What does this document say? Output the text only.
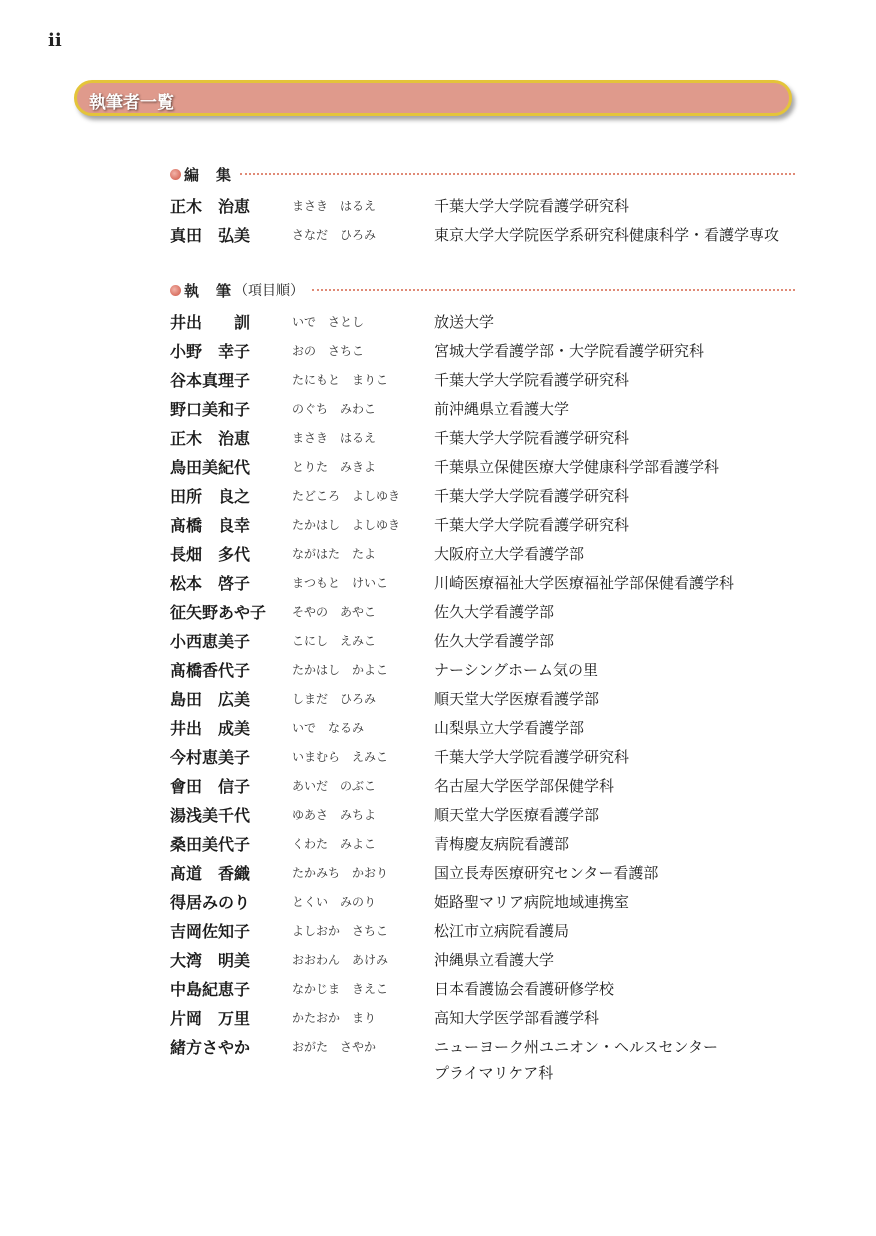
ii
執筆者一覧
編　集
正木　治恵	まさき　はるえ	千葉大学大学院看護学研究科
真田　弘美	さなだ　ひろみ	東京大学大学院医学系研究科健康科学・看護学専攻
執　筆 （項目順）
井出　　訓	いで　さとし	放送大学
小野　幸子	おの　さちこ	宮城大学看護学部・大学院看護学研究科
谷本真理子	たにもと　まりこ	千葉大学大学院看護学研究科
野口美和子	のぐち　みわこ	前沖縄県立看護大学
正木　治恵	まさき　はるえ	千葉大学大学院看護学研究科
鳥田美紀代	とりた　みきよ	千葉県立保健医療大学健康科学部看護学科
田所　良之	たどころ　よしゆき 千葉大学大学院看護学研究科
髙橋　良幸	たかはし　よしゆき 千葉大学大学院看護学研究科
長畑　多代	ながはた　たよ	大阪府立大学看護学部
松本　啓子	まつもと　けいこ	川崎医療福祉大学医療福祉学部保健看護学科
征矢野あや子 そやの　あやこ	佐久大学看護学部
小西恵美子	こにし　えみこ	佐久大学看護学部
髙橋香代子	たかはし　かよこ	ナーシングホーム気の里
島田　広美	しまだ　ひろみ	順天堂大学医療看護学部
井出　成美	いで　なるみ	山梨県立大学看護学部
今村恵美子	いまむら　えみこ	千葉大学大学院看護学研究科
會田　信子	あいだ　のぶこ	名古屋大学医学部保健学科
湯浅美千代	ゆあさ　みちよ	順天堂大学医療看護学部
桑田美代子	くわた　みよこ	青梅慶友病院看護部
髙道　香織	たかみち　かおり	国立長寿医療研究センター看護部
得居みのり	とくい　みのり	姫路聖マリア病院地域連携室
吉岡佐知子	よしおか　さちこ	松江市立病院看護局
大湾　明美	おおわん　あけみ	沖縄県立看護大学
中島紀恵子	なかじま　きえこ	日本看護協会看護研修学校
片岡　万里	かたおか　まり	高知大学医学部看護学科
緒方さやか	おがた　さやか	ニューヨーク州ユニオン・ヘルスセンター
プライマリケア科
